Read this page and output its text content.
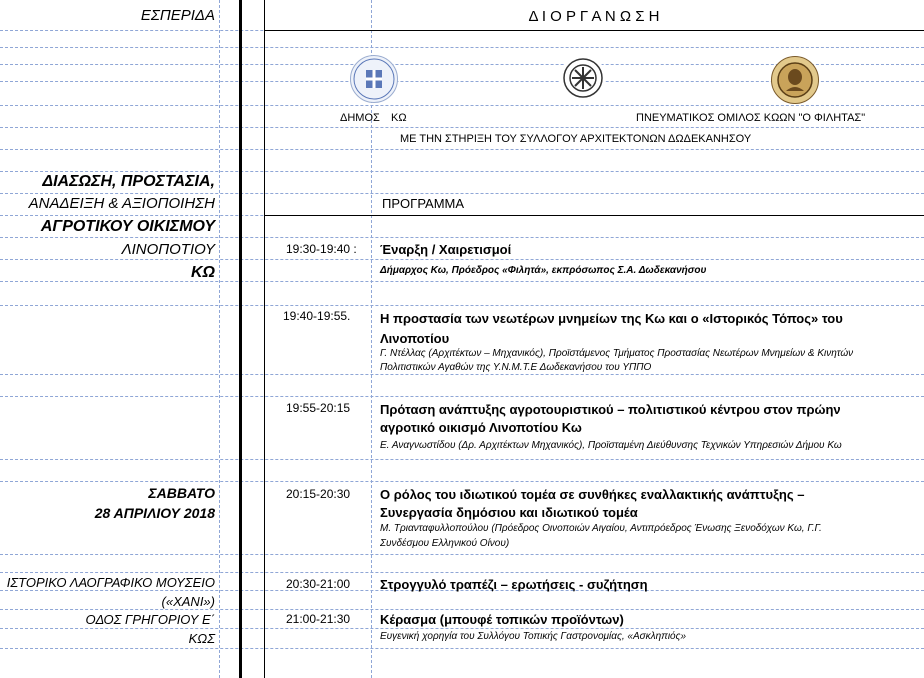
ΕΣΠΕΡΙΔΑ
ΔΙΑΣΩΣΗ, ΠΡΟΣΤΑΣΙΑ,
ΑΝΑΔΕΙΞΗ & ΑΞΙΟΠΟΙΗΣΗ
ΑΓΡΟΤΙΚΟΥ ΟΙΚΙΣΜΟΥ
ΛΙΝΟΠΟΤΙΟΥ
ΚΩ
ΣΑΒΒΑΤΟ
28 ΑΠΡΙΛΙΟΥ 2018
ΙΣΤΟΡΙΚΟ ΛΑΟΓΡΑΦΙΚΟ ΜΟΥΣΕΙΟ
(«ΧΑΝΙ»)
ΟΔΟΣ ΓΡΗΓΟΡΙΟΥ Ε΄
ΚΩΣ
Δ Ι Ο Ρ Γ Α Ν Ω Σ Η
ΔΗΜΟΣ ΚΩ	ΠΝΕΥΜΑΤΙΚΟΣ ΟΜΙΛΟΣ ΚΩΩΝ "Ο ΦΙΛΗΤΑΣ"
ΜΕ ΤΗΝ ΣΤΗΡΙΞΗ ΤΟΥ ΣΥΛΛΟΓΟΥ ΑΡΧΙΤΕΚΤΟΝΩΝ ΔΩΔΕΚΑΝΗΣΟΥ
ΠΡΟΓΡΑΜΜΑ
19:30-19:40 : Έναρξη / Χαιρετισμοί
Δήμαρχος Κω, Πρόεδρος «Φιλητά», εκπρόσωπος Σ.Α. Δωδεκανήσου
19:40-19:55. Η προστασία των νεωτέρων μνημείων της Κω και ο «Ιστορικός Τόπος» του
Λινοποτίου
Γ. Ντέλλας (Αρχιτέκτων – Μηχανικός), Προϊστάμενος Τμήματος Προστασίας Νεωτέρων Μνημείων & Κινητών
Πολιτιστικών Αγαθών της Υ.Ν.Μ.Τ.Ε Δωδεκανήσου του ΥΠΠΟ
19:55-20:15 Πρόταση ανάπτυξης αγροτουριστικού – πολιτιστικού κέντρου στον πρώην
αγροτικό οικισμό Λινοποτίου Κω
Ε. Αναγνωστίδου (Δρ. Αρχιτέκτων Μηχανικός), Προϊσταμένη Διεύθυνσης Τεχνικών Υπηρεσιών Δήμου Κω
20:15-20:30 Ο ρόλος του ιδιωτικού τομέα σε συνθήκες εναλλακτικής ανάπτυξης –
Συνεργασία δημόσιου και ιδιωτικού τομέα
Μ. Τριανταφυλλοπούλου (Πρόεδρος Οινοποιών Αιγαίου, Αντιπρόεδρος Ένωσης Ξενοδόχων Κω, Γ.Γ.
Συνδέσμου Ελληνικού Οίνου)
20:30-21:00 Στρογγυλό τραπέζι – ερωτήσεις - συζήτηση
21:00-21:30 Κέρασμα (μπουφέ τοπικών προϊόντων)
Ευγενική χορηγία του Συλλόγου Τοπικής Γαστρονομίας, «Ασκληπιός»
